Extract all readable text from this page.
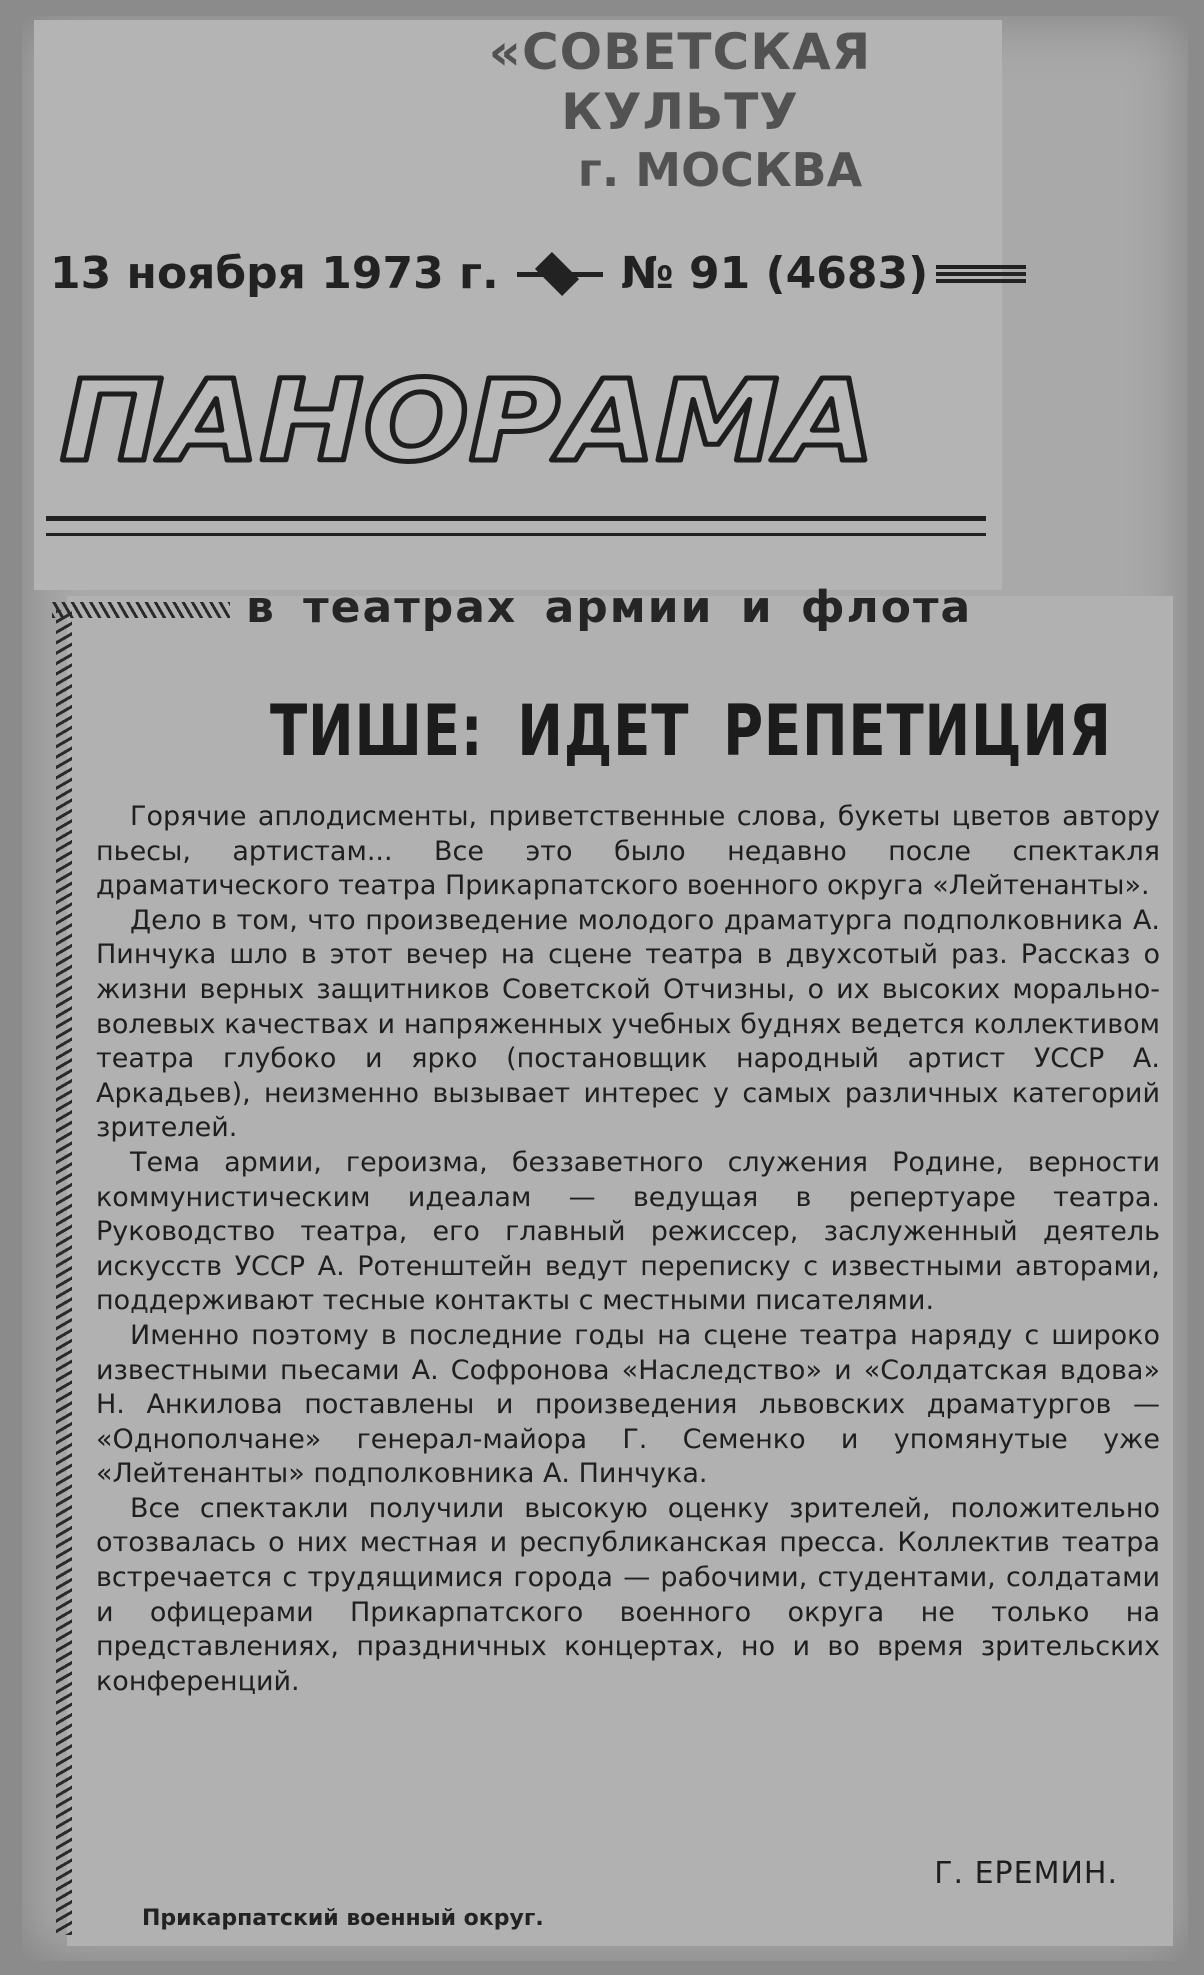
«СОВЕТСКАЯ КУЛЬТУ
г. МОСКВА
13 ноября 1973 г.	№ 91 (4683)
ПАНОРАМА
в театрах армии и флота
ТИШЕ: ИДЕТ РЕПЕТИЦИЯ

Горячие аплодисменты, приветственные слова, букеты цветов автору пьесы, артистам... Все это было недавно после спектакля драматического театра Прикарпатского военного округа «Лейтенанты».

Дело в том, что произведение молодого драматурга подполковника А. Пинчука шло в этот вечер на сцене театра в двухсотый раз. Рассказ о жизни верных защитников Советской Отчизны, о их высоких морально-волевых качествах и напряженных учебных буднях ведется коллективом театра глубоко и ярко (постановщик народный артист УССР А. Аркадьев), неизменно вызывает интерес у самых различных категорий зрителей.

Тема армии, героизма, беззаветного служения Родине, верности коммунистическим идеалам — ведущая в репертуаре театра. Руководство театра, его главный режиссер, заслуженный деятель искусств УССР А. Ротенштейн ведут переписку с известными авторами, поддерживают тесные контакты с местными писателями.

Именно поэтому в последние годы на сцене театра наряду с широко известными пьесами А. Софронова «Наследство» и «Солдатская вдова» Н. Анкилова поставлены и произведения львовских драматургов — «Однополчане» генерал-майора Г. Семенко и упомянутые уже «Лейтенанты» подполковника А. Пинчука.

Все спектакли получили высокую оценку зрителей, положительно отозвалась о них местная и республиканская пресса. Коллектив театра встречается с трудящимися города — рабочими, студентами, солдатами и офицерами Прикарпатского военного округа не только на представлениях, праздничных концертах, но и во время зрительских конференций.

Г. ЕРЕМИН.
Прикарпатский военный округ.
